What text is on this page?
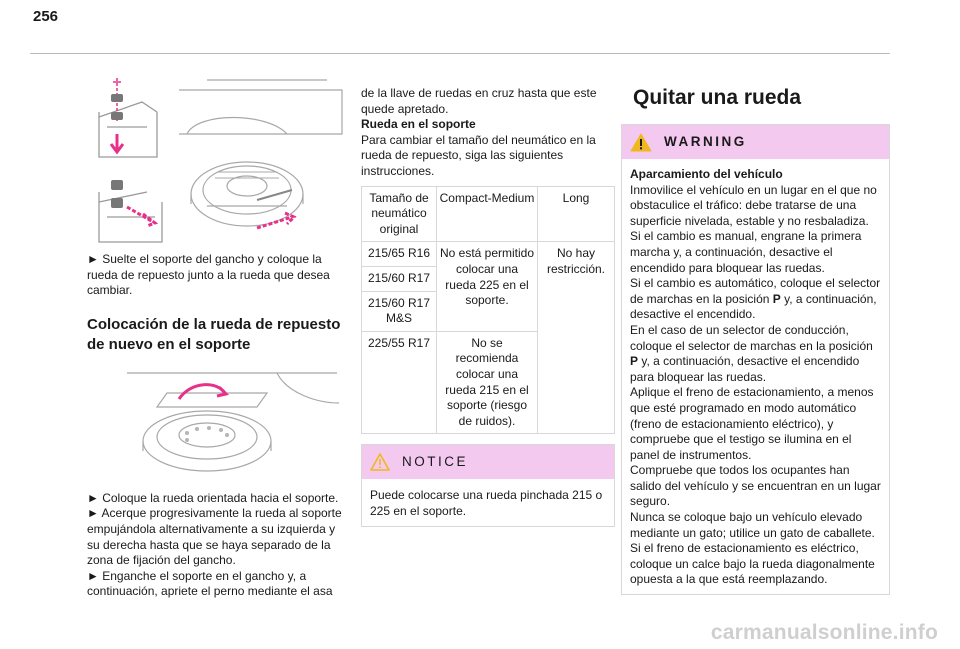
256

► Suelte el soporte del gancho y coloque la rueda de repuesto junto a la rueda que desea cambiar.

Colocación de la rueda de repuesto de nuevo en el soporte

► Coloque la rueda orientada hacia el soporte.

► Acerque progresivamente la rueda al soporte empujándola alternativamente a su izquierda y su derecha hasta que se haya separado de la zona de fijación del gancho.

► Enganche el soporte en el gancho y, a continuación, apriete el perno mediante el asa

de la llave de ruedas en cruz hasta que este quede apretado.

Rueda en el soporte

Para cambiar el tamaño del neumático en la rueda de repuesto, siga las siguientes instrucciones.

Tamaño de neumático original	Compact-Medium	Long
215/65 R16	No está permitido colocar una rueda 225 en el soporte.	No hay restricción.
215/60 R17		
215/60 R17 M&S		
225/55 R17	No se recomienda colocar una rueda 215 en el soporte (riesgo de ruidos).	
NOTICE
Puede colocarse una rueda pinchada 215 o 225 en el soporte.
Quitar una rueda
WARNING

Aparcamiento del vehículo

Inmovilice el vehículo en un lugar en el que no obstaculice el tráfico: debe tratarse de una superficie nivelada, estable y no resbaladiza.

Si el cambio es manual, engrane la primera marcha y, a continuación, desactive el encendido para bloquear las ruedas.

Si el cambio es automático, coloque el selector de marchas en la posición P y, a continuación, desactive el encendido.

En el caso de un selector de conducción, coloque el selector de marchas en la posición P y, a continuación, desactive el encendido para bloquear las ruedas.

Aplique el freno de estacionamiento, a menos que esté programado en modo automático (freno de estacionamiento eléctrico), y compruebe que el testigo se ilumina en el panel de instrumentos.

Compruebe que todos los ocupantes han salido del vehículo y se encuentran en un lugar seguro.

Nunca se coloque bajo un vehículo elevado mediante un gato; utilice un gato de caballete.

Si el freno de estacionamiento es eléctrico, coloque un calce bajo la rueda diagonalmente opuesta a la que está reemplazando.

carmanualsonline.info
